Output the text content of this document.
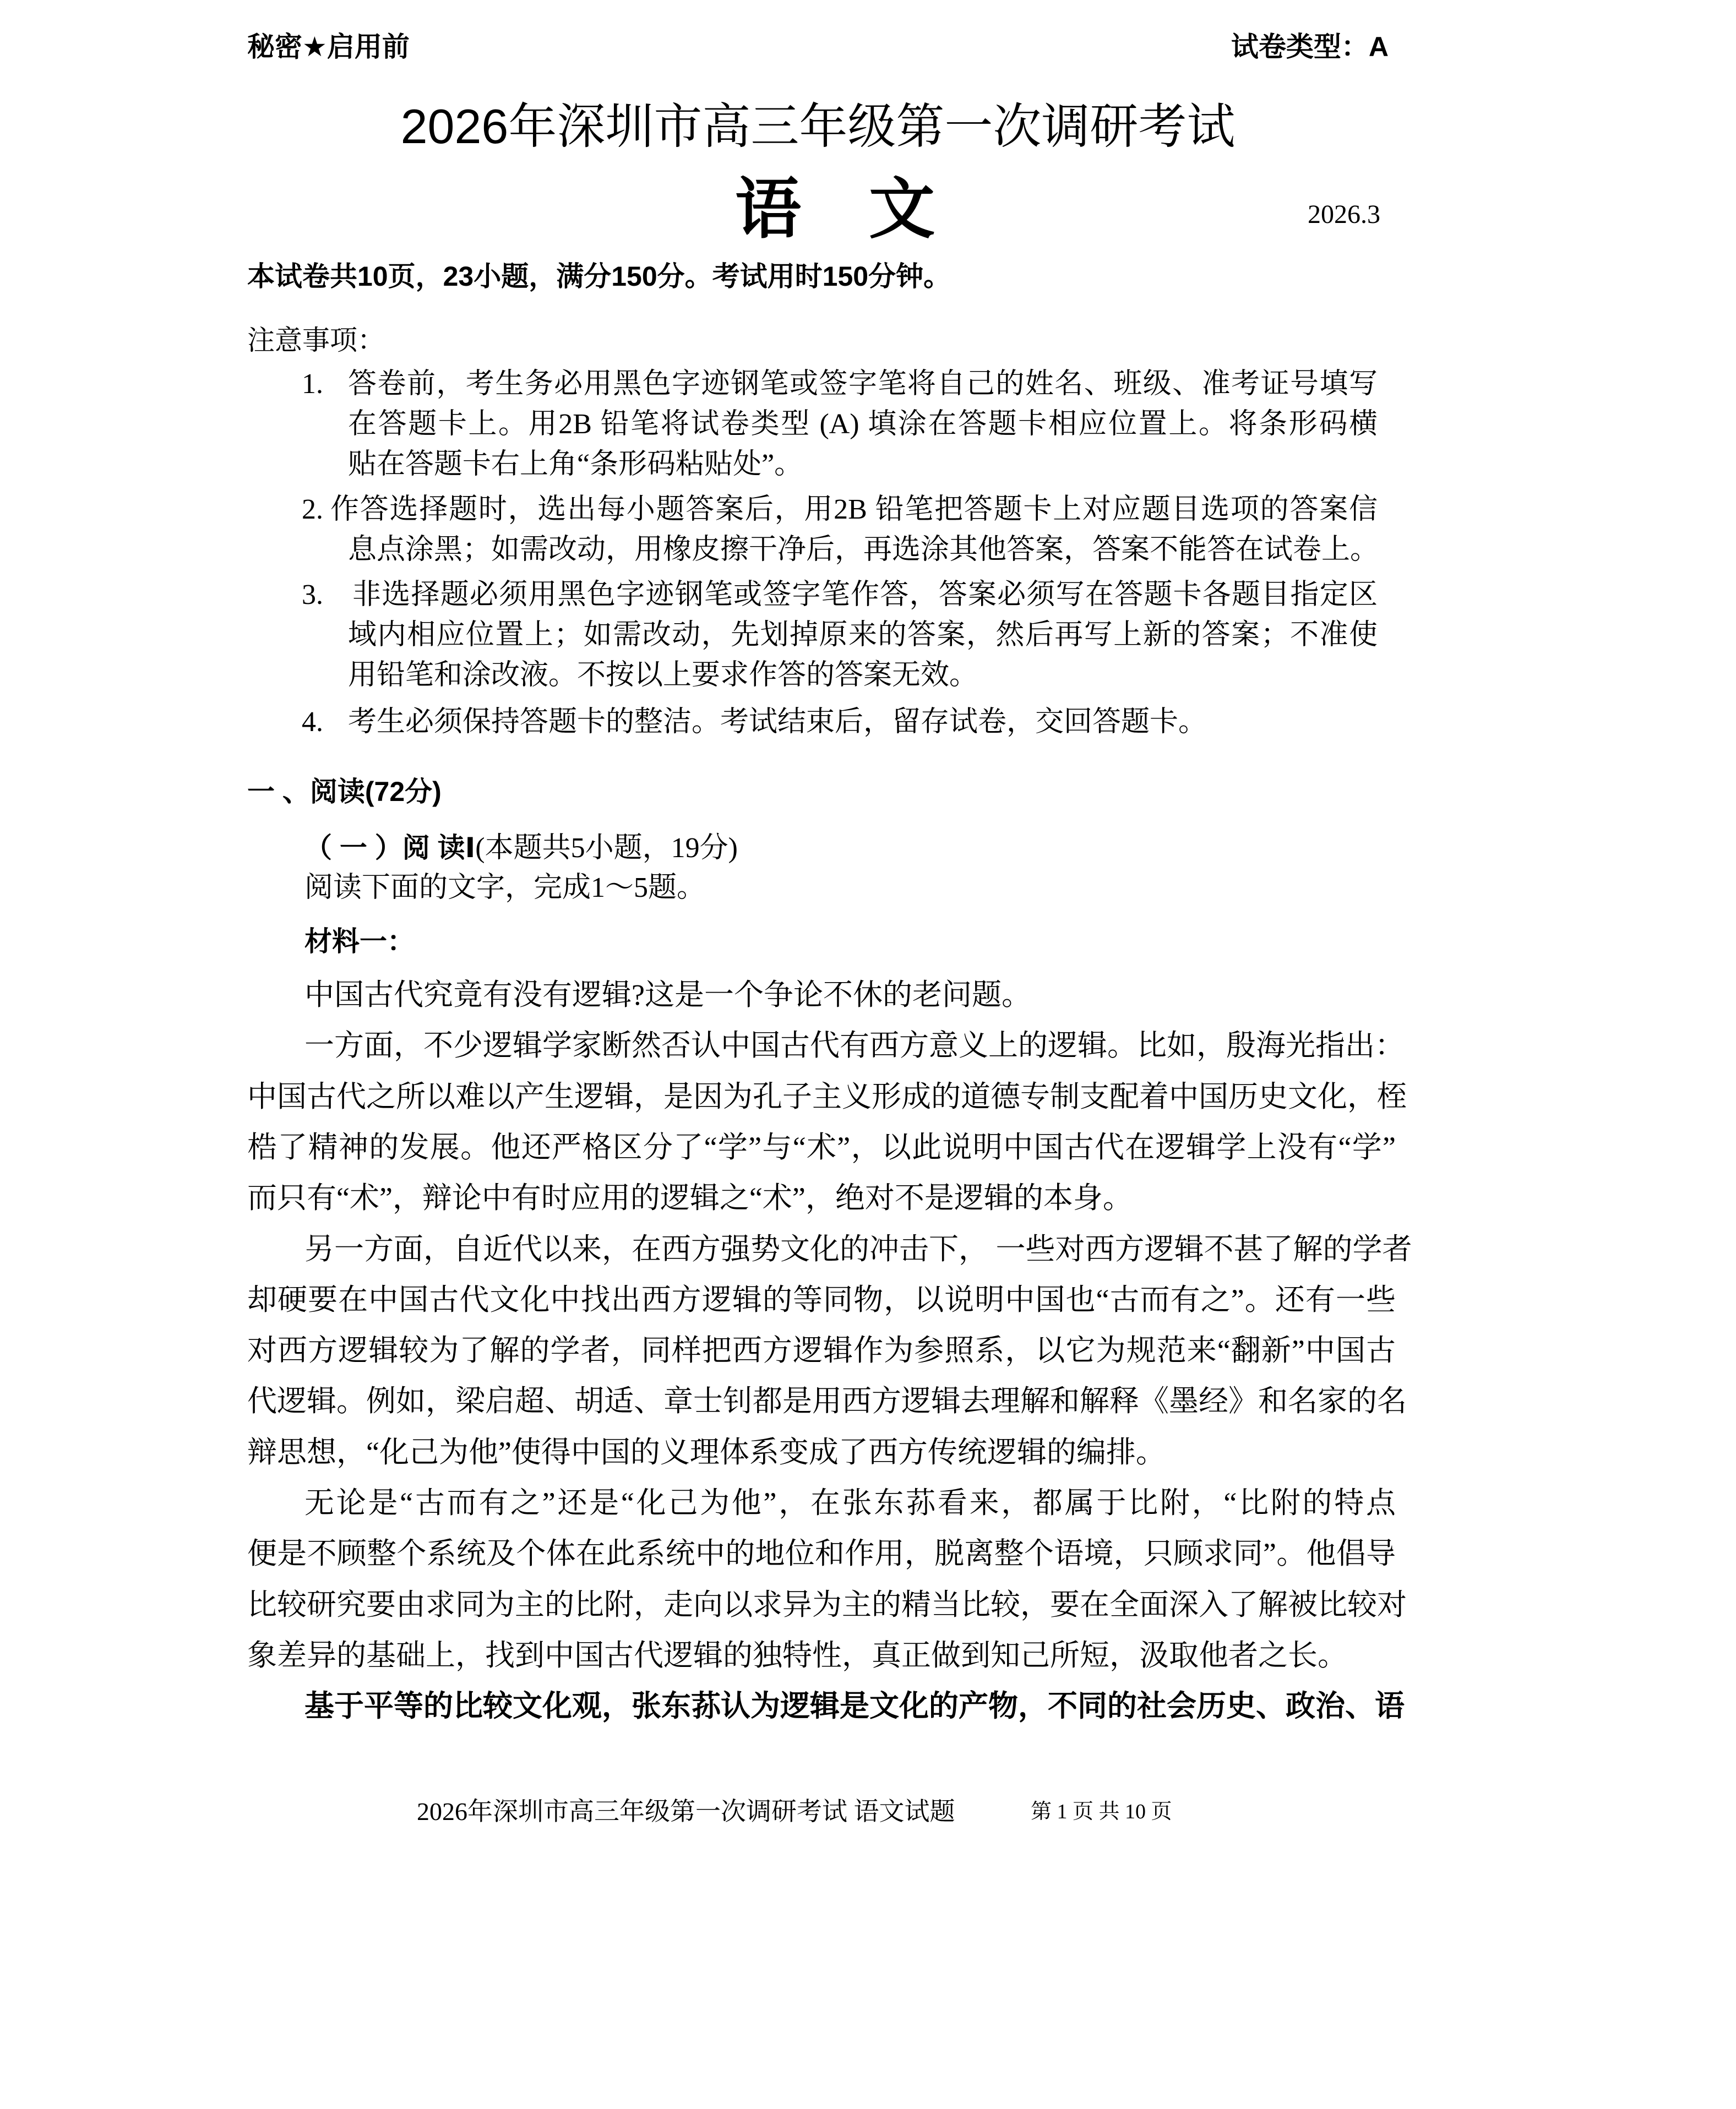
秘密★启用前	试卷类型：A
2026年深圳市高三年级第一次调研考试
语 文	2026.3
本试卷共10页，23小题，满分150分。考试用时150分钟。
注意事项：
1. 答卷前，考生务必用黑色字迹钢笔或签字笔将自己的姓名、班级、准考证号填写
在答题卡上。用2B 铅笔将试卷类型 (A) 填涂在答题卡相应位置上。将条形码横
贴在答题卡右上角“条形码粘贴处”。
2. 作答选择题时，选出每小题答案后，用2B 铅笔把答题卡上对应题目选项的答案信
息点涂黑；如需改动，用橡皮擦干净后，再选涂其他答案，答案不能答在试卷上。
3. 非选择题必须用黑色字迹钢笔或签字笔作答，答案必须写在答题卡各题目指定区
域内相应位置上；如需改动，先划掉原来的答案，然后再写上新的答案；不准使
用铅笔和涂改液。不按以上要求作答的答案无效。
4. 考生必须保持答题卡的整洁。考试结束后，留存试卷，交回答题卡。
一 、阅读(72分)
（ 一 ）阅 读Ⅰ(本题共5小题，19分)
阅读下面的文字，完成1～5题。
材料一：
中国古代究竟有没有逻辑?这是一个争论不休的老问题。
一方面，不少逻辑学家断然否认中国古代有西方意义上的逻辑。比如，殷海光指出：
中国古代之所以难以产生逻辑，是因为孔子主义形成的道德专制支配着中国历史文化，桎
梏了精神的发展。他还严格区分了“学”与“术”，以此说明中国古代在逻辑学上没有“学”
而只有“术”，辩论中有时应用的逻辑之“术”，绝对不是逻辑的本身。
另一方面，自近代以来，在西方强势文化的冲击下， 一些对西方逻辑不甚了解的学者
却硬要在中国古代文化中找出西方逻辑的等同物，以说明中国也“古而有之”。还有一些
对西方逻辑较为了解的学者，同样把西方逻辑作为参照系，以它为规范来“翻新”中国古
代逻辑。例如，梁启超、胡适、章士钊都是用西方逻辑去理解和解释《墨经》和名家的名
辩思想，“化己为他”使得中国的义理体系变成了西方传统逻辑的编排。
无论是“古而有之”还是“化己为他”，在张东荪看来，都属于比附，“比附的特点
便是不顾整个系统及个体在此系统中的地位和作用，脱离整个语境，只顾求同”。他倡导
比较研究要由求同为主的比附，走向以求异为主的精当比较，要在全面深入了解被比较对
象差异的基础上，找到中国古代逻辑的独特性，真正做到知己所短，汲取他者之长。
基于平等的比较文化观，张东荪认为逻辑是文化的产物，不同的社会历史、政治、语
2026年深圳市高三年级第一次调研考试 语文试题	第 1 页 共 10 页
